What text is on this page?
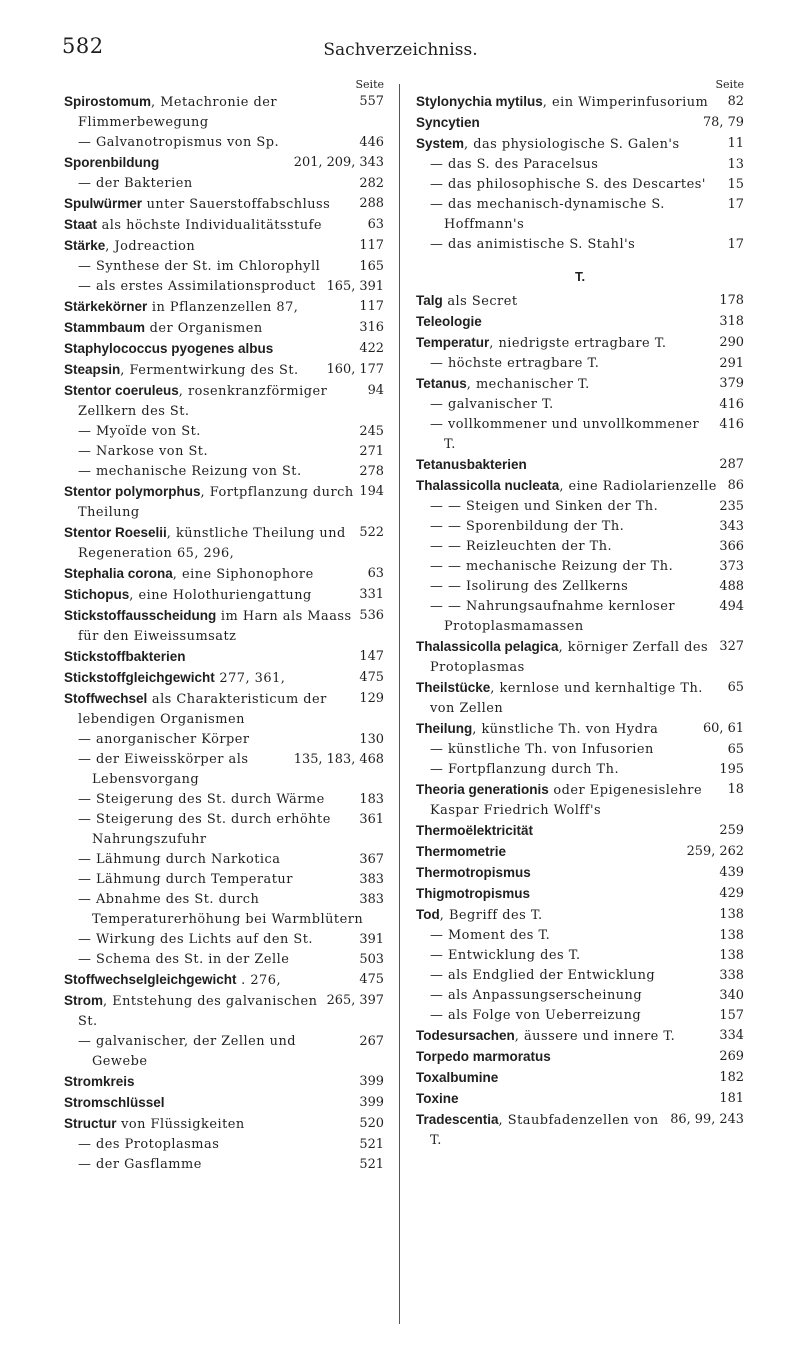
582	Sachverzeichniss.
Seite
557
Spirostomum, Metachronie der Flimmerbewegung
446
— Galvanotropismus von Sp.
201, 209, 343
Sporenbildung
282
— der Bakterien
288
Spulwürmer unter Sauerstoffabschluss
63
Staat als höchste Individualitätsstufe
117
Stärke, Jodreaction
165
— Synthese der St. im Chlorophyll
165, 391
— als erstes Assimilationsproduct
117
Stärkekörner in Pflanzenzellen 87,
316
Stammbaum der Organismen
422
Staphylococcus pyogenes albus
160, 177
Steapsin, Fermentwirkung des St.
94
Stentor coeruleus, rosenkranzförmiger Zellkern des St.
245
— Myoïde von St.
271
— Narkose von St.
278
— mechanische Reizung von St.
194
Stentor polymorphus, Fortpflanzung durch Theilung
522
Stentor Roeselii, künstliche Theilung und Regeneration 65, 296,
63
Stephalia corona, eine Siphonophore
331
Stichopus, eine Holothuriengattung
536
Stickstoffausscheidung im Harn als Maass für den Eiweissumsatz
147
Stickstoffbakterien
475
Stickstoffgleichgewicht 277, 361,
129
Stoffwechsel als Charakteristicum der lebendigen Organismen
130
— anorganischer Körper
135, 183, 468
— der Eiweisskörper als Lebensvorgang
183
— Steigerung des St. durch Wärme
361
— Steigerung des St. durch erhöhte Nahrungszufuhr
367
— Lähmung durch Narkotica
383
— Lähmung durch Temperatur
383
— Abnahme des St. durch Temperaturerhöhung bei Warmblütern
391
— Wirkung des Lichts auf den St.
503
— Schema des St. in der Zelle
475
Stoffwechselgleichgewicht . 276,
265, 397
Strom, Entstehung des galvanischen St.
267
— galvanischer, der Zellen und Gewebe
399
Stromkreis
399
Stromschlüssel
520
Structur von Flüssigkeiten
521
— des Protoplasmas
521
— der Gasflamme
Seite
82
Stylonychia mytilus, ein Wimperinfusorium
78, 79
Syncytien
11
System, das physiologische S. Galen's
13
— das S. des Paracelsus
15
— das philosophische S. des Descartes'
17
— das mechanisch-dynamische S. Hoffmann's
17
— das animistische S. Stahl's
T.
178
Talg als Secret
318
Teleologie
290
Temperatur, niedrigste ertragbare T.
291
— höchste ertragbare T.
379
Tetanus, mechanischer T.
416
— galvanischer T.
416
— vollkommener und unvollkommener T.
287
Tetanusbakterien
86
Thalassicolla nucleata, eine Radiolarienzelle
235
— — Steigen und Sinken der Th.
343
— — Sporenbildung der Th.
366
— — Reizleuchten der Th.
373
— — mechanische Reizung der Th.
488
— — Isolirung des Zellkerns
494
— — Nahrungsaufnahme kernloser Protoplasmamassen
327
Thalassicolla pelagica, körniger Zerfall des Protoplasmas
65
Theilstücke, kernlose und kernhaltige Th. von Zellen
60, 61
Theilung, künstliche Th. von Hydra
65
— künstliche Th. von Infusorien
195
— Fortpflanzung durch Th.
18
Theoria generationis oder Epigenesislehre Kaspar Friedrich Wolff's
259
Thermoëlektricität
259, 262
Thermometrie
439
Thermotropismus
429
Thigmotropismus
138
Tod, Begriff des T.
138
— Moment des T.
138
— Entwicklung des T.
338
— als Endglied der Entwicklung
340
— als Anpassungserscheinung
157
— als Folge von Ueberreizung
334
Todesursachen, äussere und innere T.
269
Torpedo marmoratus
182
Toxalbumine
181
Toxine
86, 99, 243
Tradescentia, Staubfadenzellen von T.
